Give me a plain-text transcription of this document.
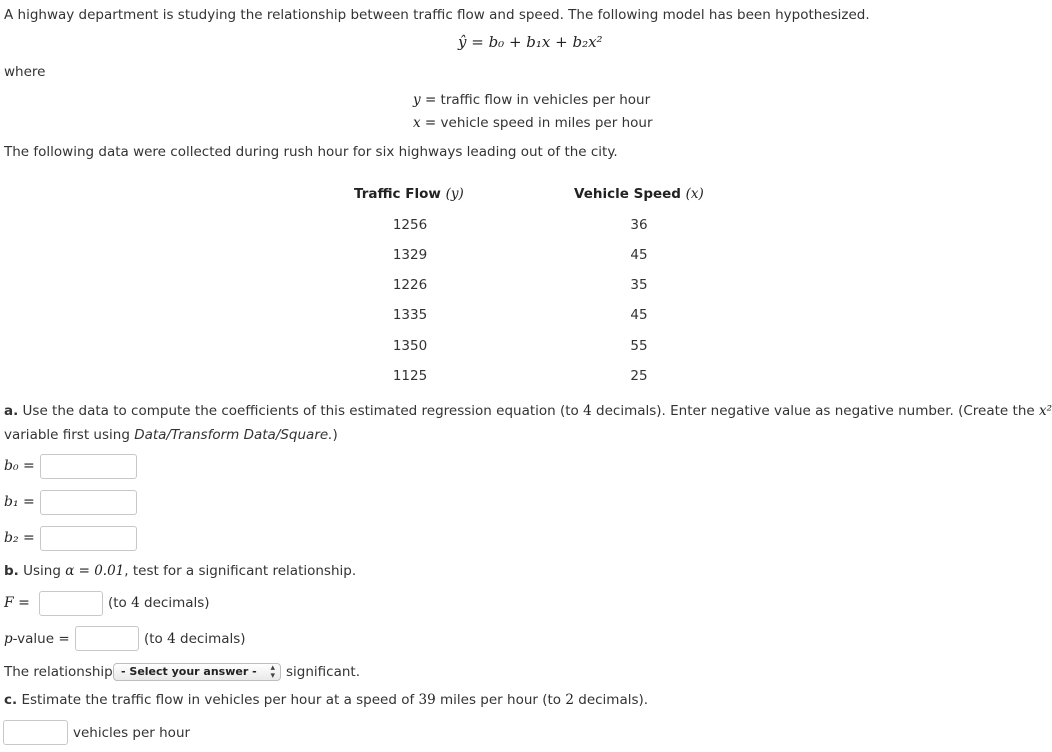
A highway department is studying the relationship between traffic flow and speed. The following model has been hypothesized.
ŷ = b₀ + b₁x + b₂x²
where
y = traffic flow in vehicles per hour
x = vehicle speed in miles per hour
The following data were collected during rush hour for six highways leading out of the city.
Traffic Flow (y)	Vehicle Speed (x)
1256	36
1329	45
1226	35
1335	45
1350	55
1125	25
a. Use the data to compute the coefficients of this estimated regression equation (to 4 decimals). Enter negative value as negative number. (Create the x²
variable first using Data/Transform Data/Square.)
b₀ =
b₁ =
b₂ =
b. Using α = 0.01, test for a significant relationship.
F =	(to 4 decimals)
p-value =	(to 4 decimals)
The relationship - Select your answer - ▴
▾ significant.
c. Estimate the traffic flow in vehicles per hour at a speed of 39 miles per hour (to 2 decimals).
vehicles per hour
